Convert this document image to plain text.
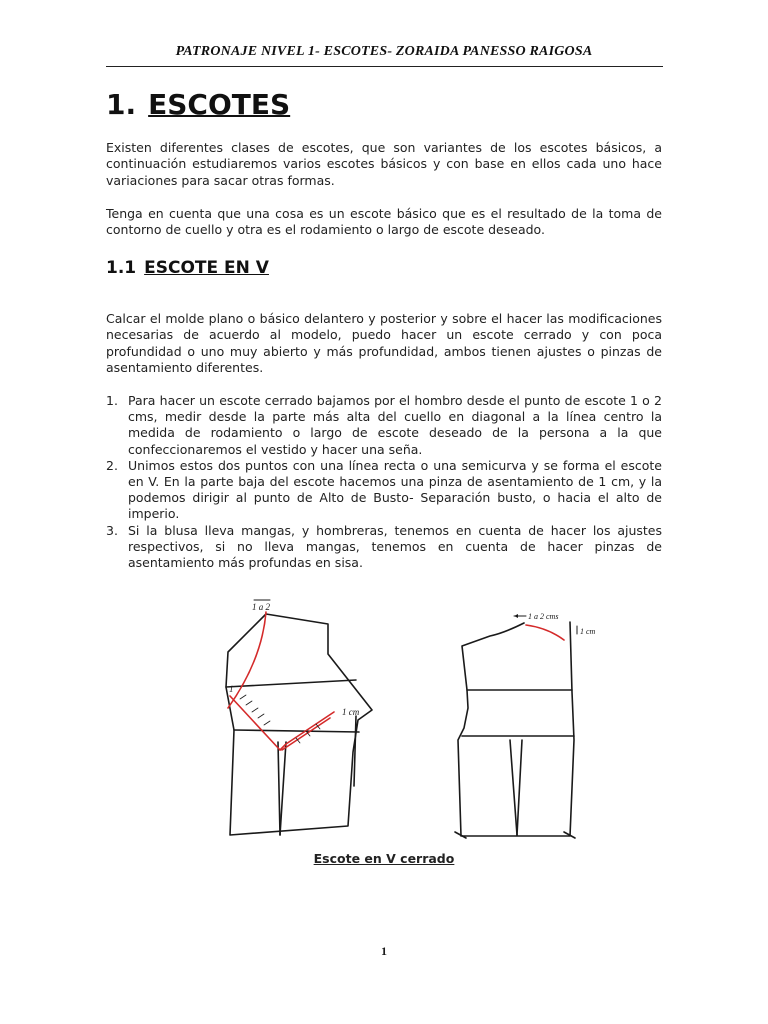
PATRONAJE NIVEL 1- ESCOTES- ZORAIDA PANESSO RAIGOSA
1. ESCOTES

Existen diferentes clases de escotes, que son variantes de los escotes básicos, a continuación estudiaremos varios escotes básicos y con base en ellos cada uno hace variaciones para sacar otras formas.

Tenga en cuenta que una cosa es un escote básico que es el resultado de la toma de contorno de cuello y otra es el rodamiento o largo de escote deseado.

1.1 ESCOTE EN V

Calcar el molde plano o básico delantero y posterior y sobre el hacer las modificaciones necesarias de acuerdo al modelo, puedo hacer un escote cerrado y con poca profundidad o uno muy abierto y más profundidad, ambos tienen ajustes o pinzas de asentamiento diferentes.

1. Para hacer un escote cerrado bajamos por el hombro desde el punto de escote 1 o 2 cms, medir desde la parte más alta del cuello en diagonal a la línea centro la medida de rodamiento o largo de escote deseado de la persona a la que confeccionaremos el vestido y hacer una seña.
2. Unimos estos dos puntos con una línea recta o una semicurva y se forma el escote en V. En la parte baja del escote hacemos una pinza de asentamiento de 1 cm, y la podemos dirigir al punto de Alto de Busto- Separación busto, o hacia el alto de imperio.
3. Si la blusa lleva mangas, y hombreras, tenemos en cuenta de hacer los ajustes respectivos, si no lleva mangas, tenemos en cuenta de hacer pinzas de asentamiento más profundas en sisa.
1 a 2
1 cm
1
1 a 2 cms
1 cm
Escote en V cerrado
1
